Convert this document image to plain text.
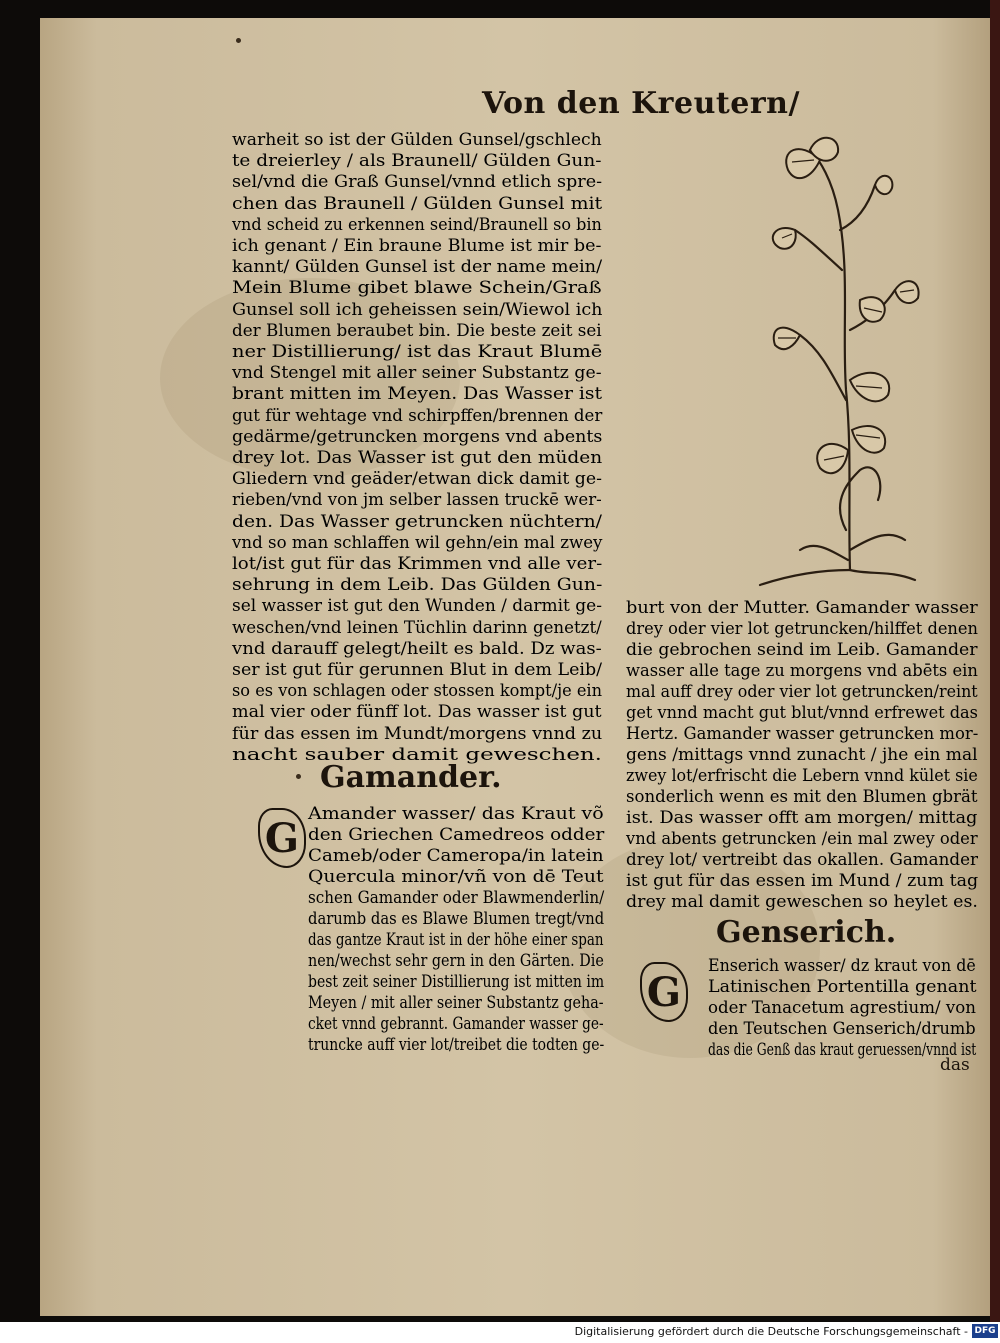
Von den Kreutern/
Gamander.
G
Genserich.
G
das
Digitalisierung gefördert durch die Deutsche Forschungsgemeinschaft - DFG
warheit so ist der Gülden Gunsel/gschlech
te dreierley / als Braunell/ Gülden Gun-
sel/vnd die Graß Gunsel/vnnd etlich spre-
chen das Braunell / Gülden Gunsel mit
vnd scheid zu erkennen seind/Braunell so bin
ich genant / Ein braune Blume ist mir be-
kannt/ Gülden Gunsel ist der name mein/
Mein Blume gibet blawe Schein/Graß
Gunsel soll ich geheissen sein/Wiewol ich
der Blumen beraubet bin. Die beste zeit sei
ner Distillierung/ ist das Kraut Blumē
vnd Stengel mit aller seiner Substantz ge-
brant mitten im Meyen. Das Wasser ist
gut für wehtage vnd schirpffen/brennen der
gedärme/getruncken morgens vnd abents
drey lot. Das Wasser ist gut den müden
Gliedern vnd geäder/etwan dick damit ge-
rieben/vnd von jm selber lassen truckē wer-
den. Das Wasser getruncken nüchtern/
vnd so man schlaffen wil gehn/ein mal zwey
lot/ist gut für das Krimmen vnd alle ver-
sehrung in dem Leib. Das Gülden Gun-
sel wasser ist gut den Wunden / darmit ge-
weschen/vnd leinen Tüchlin darinn genetzt/
vnd darauff gelegt/heilt es bald. Dz was-
ser ist gut für gerunnen Blut in dem Leib/
so es von schlagen oder stossen kompt/je ein
mal vier oder fünff lot. Das wasser ist gut
für das essen im Mundt/morgens vnnd zu
nacht sauber damit geweschen.
Amander wasser/ das Kraut võ
den Griechen Camedreos odder
Cameb/oder Cameropa/in latein
Quercula minor/vñ von dē Teut
schen Gamander oder Blawmenderlin/
darumb das es Blawe Blumen tregt/vnd
das gantze Kraut ist in der höhe einer span
nen/wechst sehr gern in den Gärten. Die
best zeit seiner Distillierung ist mitten im
Meyen / mit aller seiner Substantz geha-
cket vnnd gebrannt. Gamander wasser ge-
truncke auff vier lot/treibet die todten ge-
burt von der Mutter. Gamander wasser
drey oder vier lot getruncken/hilffet denen
die gebrochen seind im Leib. Gamander
wasser alle tage zu morgens vnd abēts ein
mal auff drey oder vier lot getruncken/reint
get vnnd macht gut blut/vnnd erfrewet das
Hertz. Gamander wasser getruncken mor-
gens /mittags vnnd zunacht / jhe ein mal
zwey lot/erfrischt die Lebern vnnd kület sie
sonderlich wenn es mit den Blumen gbrät
ist. Das wasser offt am morgen/ mittag
vnd abents getruncken /ein mal zwey oder
drey lot/ vertreibt das okallen. Gamander
ist gut für das essen im Mund / zum tag
drey mal damit geweschen so heylet es.
Enserich wasser/ dz kraut von dē
Latinischen Portentilla genant
oder Tanacetum agrestium/ von
den Teutschen Genserich/drumb
das die Genß das kraut geruessen/vnnd ist
